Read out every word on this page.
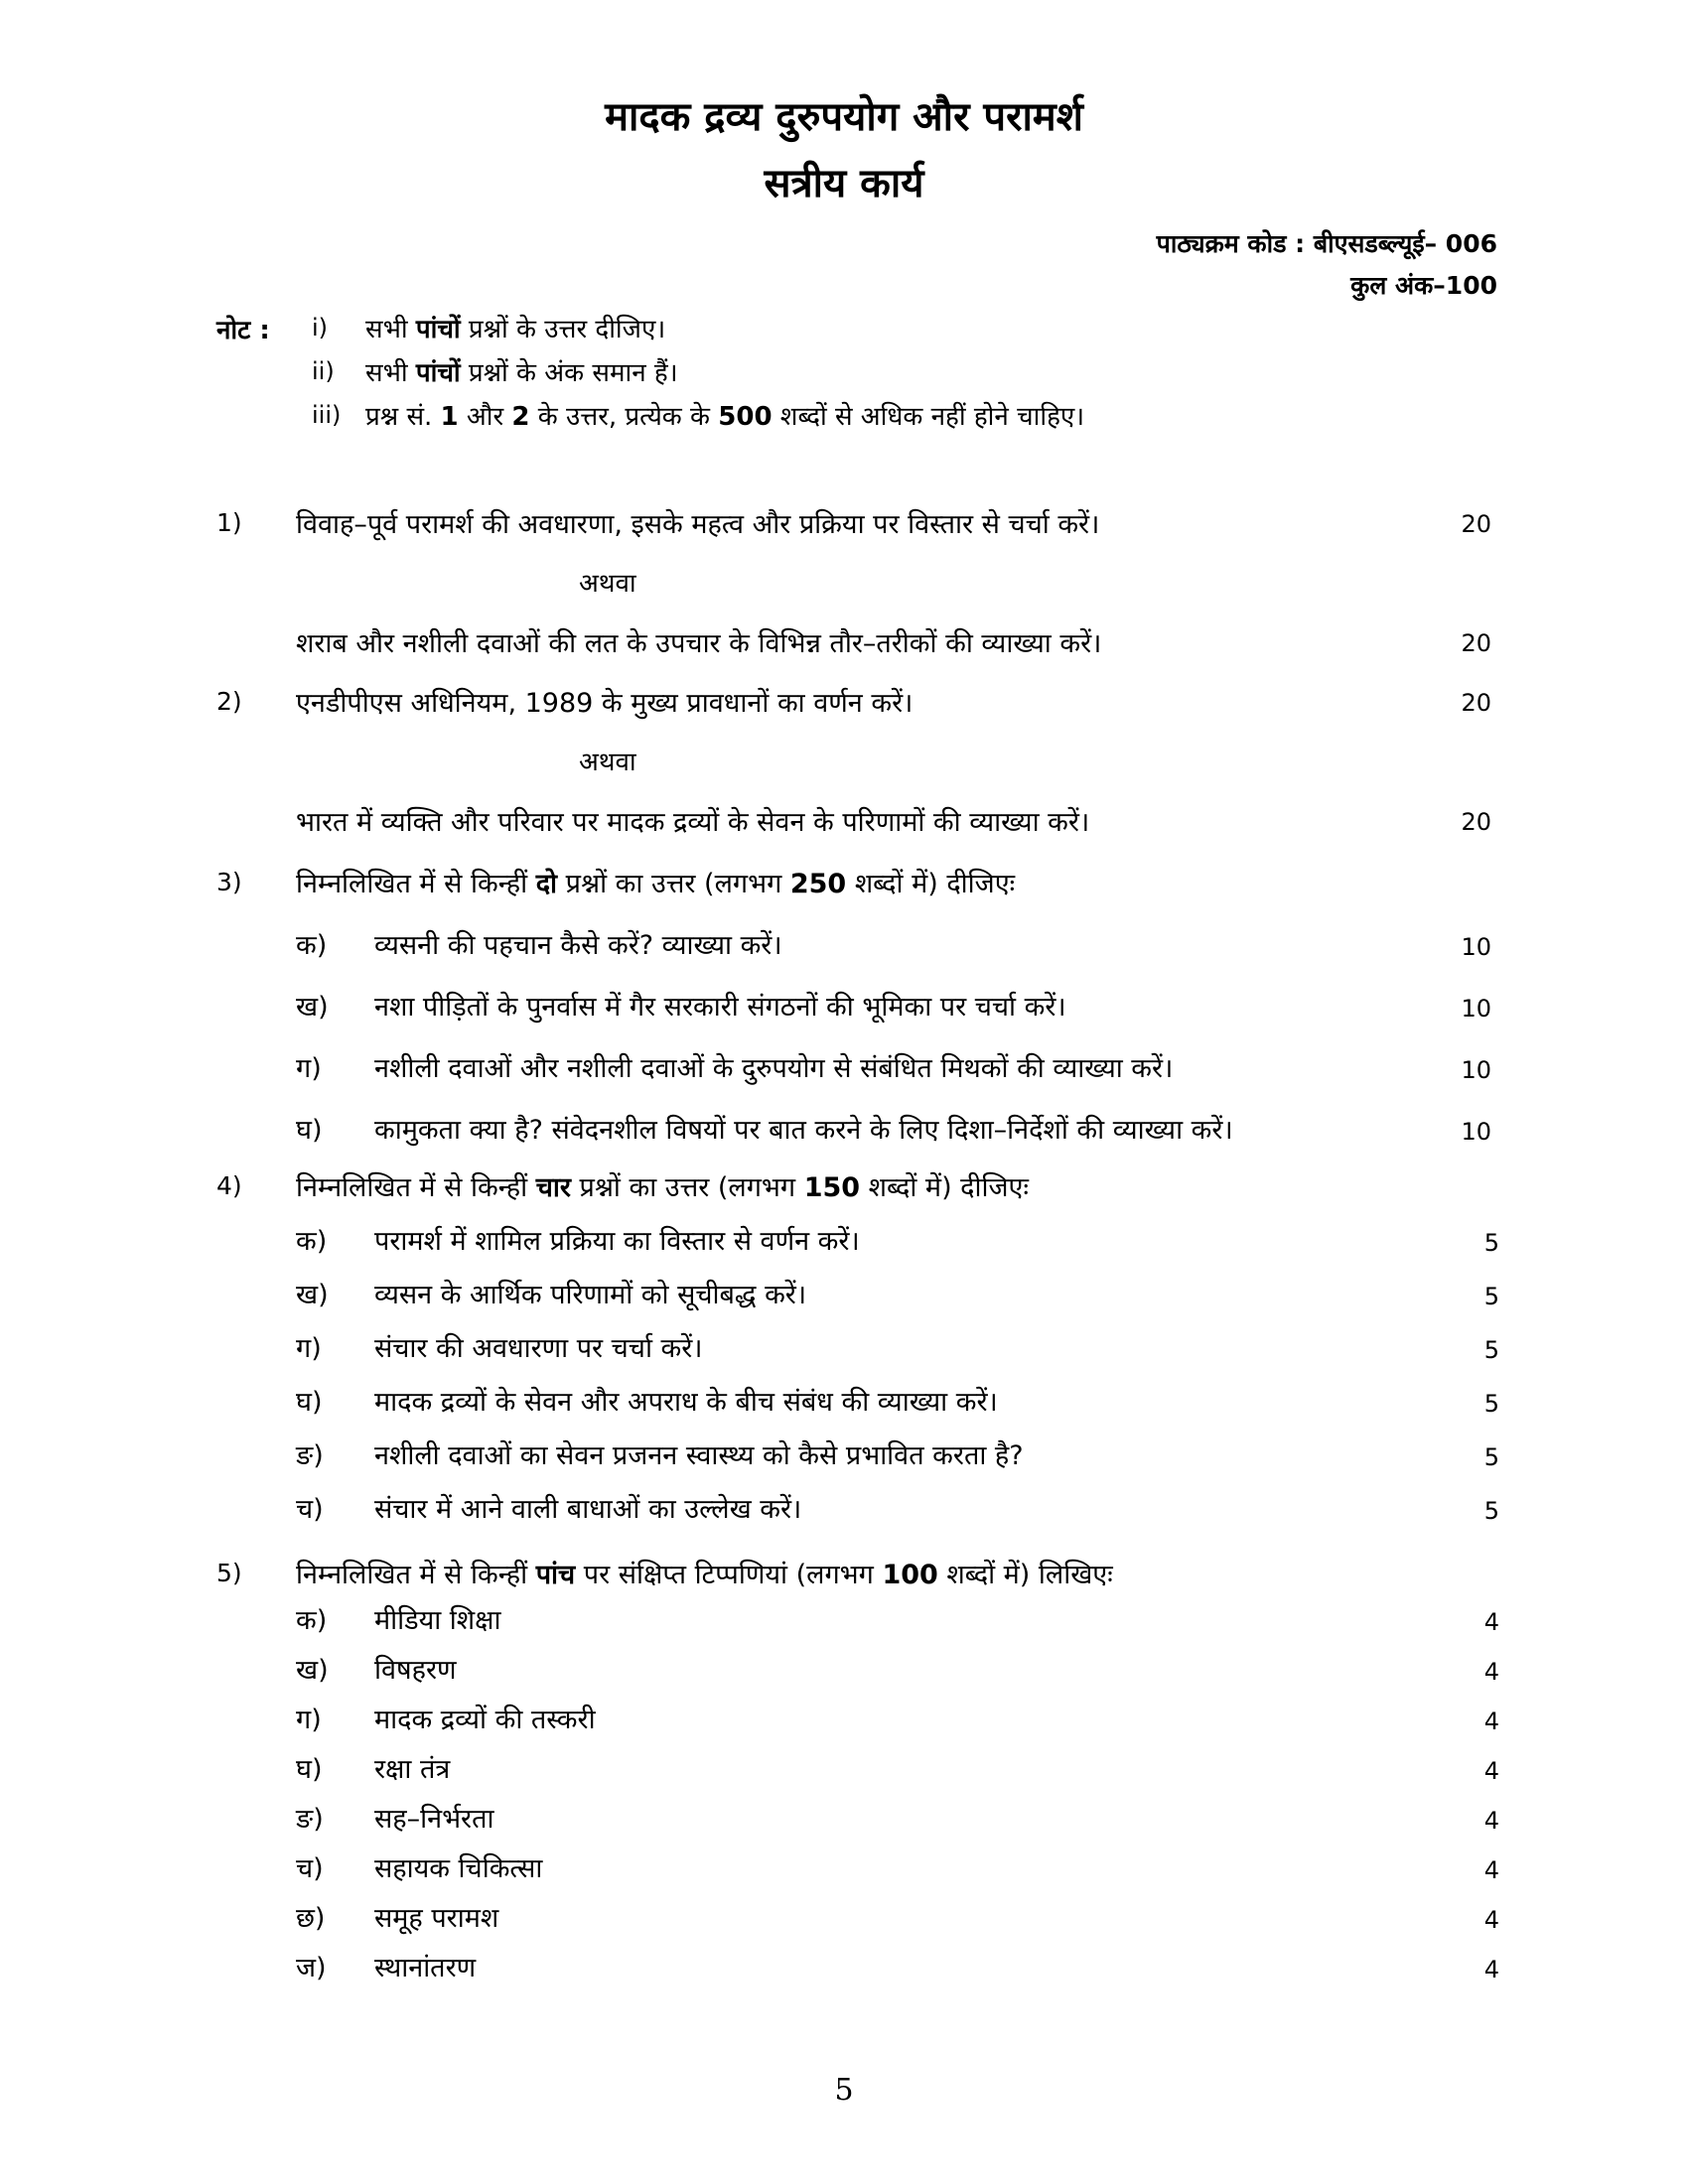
मादक द्रव्य दुरुपयोग और परामर्श
सत्रीय कार्य
पाठ्यक्रम कोड : बीएसडब्ल्यूई– 006
कुल अंक–100
नोट : i) सभी पांचों प्रश्नों के उत्तर दीजिए।
ii) सभी पांचों प्रश्नों के अंक समान हैं।
iii) प्रश्न सं. 1 और 2 के उत्तर, प्रत्येक के 500 शब्दों से अधिक नहीं होने चाहिए।
1) विवाह–पूर्व परामर्श की अवधारणा, इसके महत्व और प्रक्रिया पर विस्तार से चर्चा करें।	20
अथवा
शराब और नशीली दवाओं की लत के उपचार के विभिन्न तौर–तरीकों की व्याख्या करें।	20
2) एनडीपीएस अधिनियम, 1989 के मुख्य प्रावधानों का वर्णन करें।	20
अथवा
भारत में व्यक्ति और परिवार पर मादक द्रव्यों के सेवन के परिणामों की व्याख्या करें।	20
3) निम्नलिखित में से किन्हीं दो प्रश्नों का उत्तर (लगभग 250 शब्दों में) दीजिएः
क) व्यसनी की पहचान कैसे करें? व्याख्या करें।	10
ख) नशा पीड़ितों के पुनर्वास में गैर सरकारी संगठनों की भूमिका पर चर्चा करें।	10
ग) नशीली दवाओं और नशीली दवाओं के दुरुपयोग से संबंधित मिथकों की व्याख्या करें।	10
घ) कामुकता क्या है? संवेदनशील विषयों पर बात करने के लिए दिशा–निर्देशों की व्याख्या करें।	10
4) निम्नलिखित में से किन्हीं चार प्रश्नों का उत्तर (लगभग 150 शब्दों में) दीजिएः
क) परामर्श में शामिल प्रक्रिया का विस्तार से वर्णन करें।	5
ख) व्यसन के आर्थिक परिणामों को सूचीबद्ध करें।	5
ग) संचार की अवधारणा पर चर्चा करें।	5
घ) मादक द्रव्यों के सेवन और अपराध के बीच संबंध की व्याख्या करें।	5
ङ) नशीली दवाओं का सेवन प्रजनन स्वास्थ्य को कैसे प्रभावित करता है?	5
च) संचार में आने वाली बाधाओं का उल्लेख करें।	5
5) निम्नलिखित में से किन्हीं पांच पर संक्षिप्त टिप्पणियां (लगभग 100 शब्दों में) लिखिएः
क) मीडिया शिक्षा	4
ख) विषहरण	4
ग) मादक द्रव्यों की तस्करी	4
घ) रक्षा तंत्र	4
ङ) सह–निर्भरता	4
च) सहायक चिकित्सा	4
छ) समूह परामश	4
ज) स्थानांतरण	4
5
